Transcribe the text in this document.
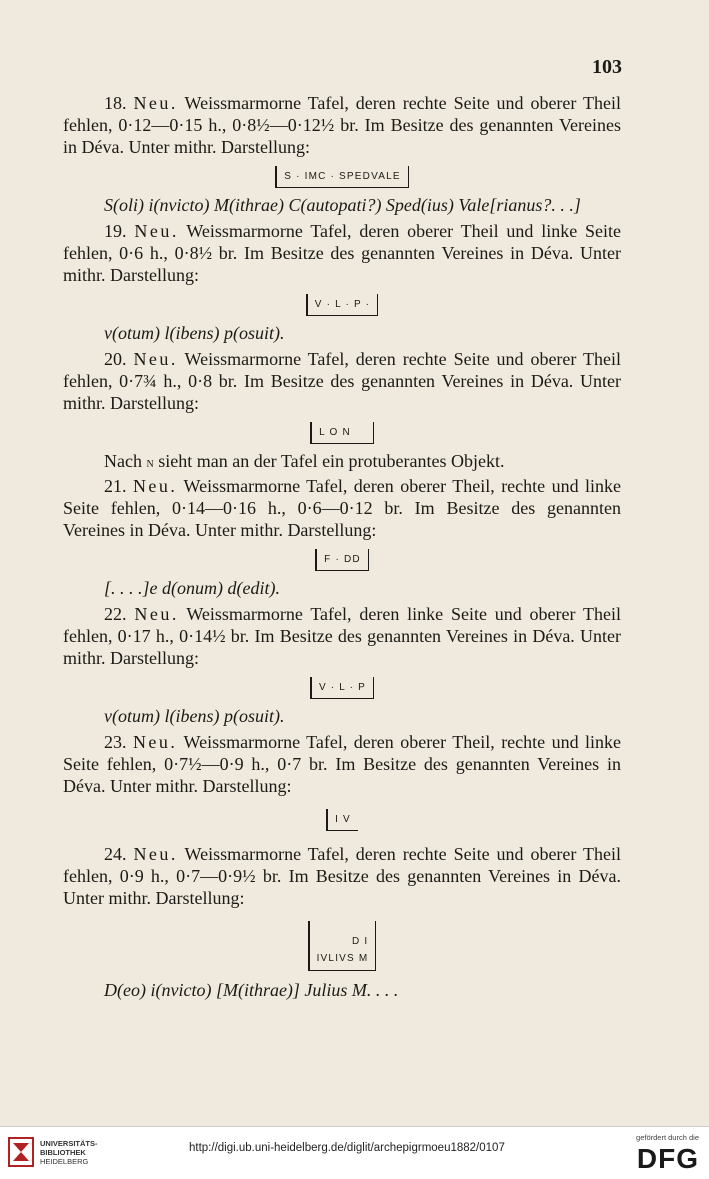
103

18. Neu. Weissmarmorne Tafel, deren rechte Seite und oberer Theil fehlen, 0·12—0·15 h., 0·8½—0·12½ br. Im Besitze des genannten Vereines in Déva. Unter mithr. Darstellung:

S · IMC · SPEDVALE

S(oli) i(nvicto) M(ithrae) C(autopati?) Sped(ius) Vale[rianus?. . .]

19. Neu. Weissmarmorne Tafel, deren oberer Theil und linke Seite fehlen, 0·6 h., 0·8½ br. Im Besitze des genannten Vereines in Déva. Unter mithr. Darstellung:

V · L · P ·

v(otum) l(ibens) p(osuit).

20. Neu. Weissmarmorne Tafel, deren rechte Seite und oberer Theil fehlen, 0·7¾ h., 0·8 br. Im Besitze des genannten Vereines in Déva. Unter mithr. Darstellung:

L O N

Nach n sieht man an der Tafel ein protuberantes Objekt.

21. Neu. Weissmarmorne Tafel, deren oberer Theil, rechte und linke Seite fehlen, 0·14—0·16 h., 0·6—0·12 br. Im Besitze des genannten Vereines in Déva. Unter mithr. Darstellung:

F · DD

[. . . .]e d(onum) d(edit).

22. Neu. Weissmarmorne Tafel, deren linke Seite und oberer Theil fehlen, 0·17 h., 0·14½ br. Im Besitze des genannten Vereines in Déva. Unter mithr. Darstellung:

V · L · P

v(otum) l(ibens) p(osuit).

23. Neu. Weissmarmorne Tafel, deren oberer Theil, rechte und linke Seite fehlen, 0·7½—0·9 h., 0·7 br. Im Besitze des genannten Vereines in Déva. Unter mithr. Darstellung:

I V

24. Neu. Weissmarmorne Tafel, deren rechte Seite und oberer Theil fehlen, 0·9 h., 0·7—0·9½ br. Im Besitze des genannten Vereines in Déva. Unter mithr. Darstellung:

D I
IVLIVS M

D(eo) i(nvicto) [M(ithrae)] Julius M. . . .

UNIVERSITÄTS-
BIBLIOTHEK
HEIDELBERG
http://digi.ub.uni-heidelberg.de/diglit/archepigrmoeu1882/0107
gefördert durch die
DFG
